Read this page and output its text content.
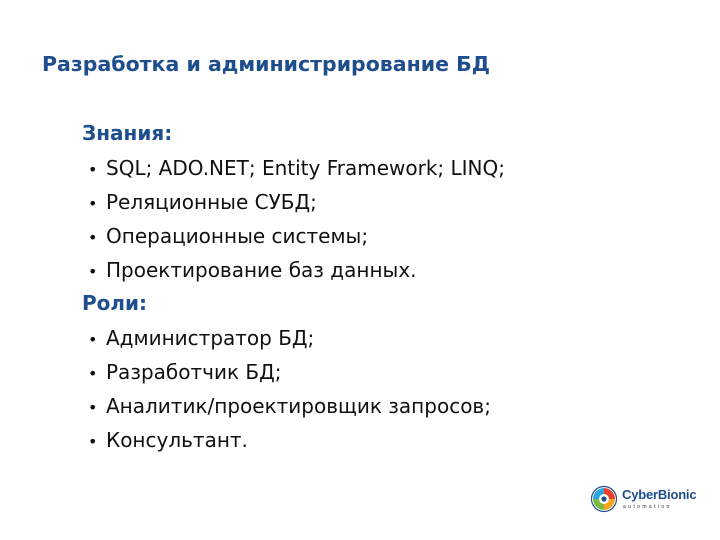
Разработка и администрирование БД
Знания:
• SQL; ADO.NET; Entity Framework; LINQ;
• Реляционные СУБД;
• Операционные системы;
• Проектирование баз данных.
Роли:
• Администратор БД;
• Разработчик БД;
• Аналитик/проектировщик запросов;
• Консультант.
CyberBionic
automation
